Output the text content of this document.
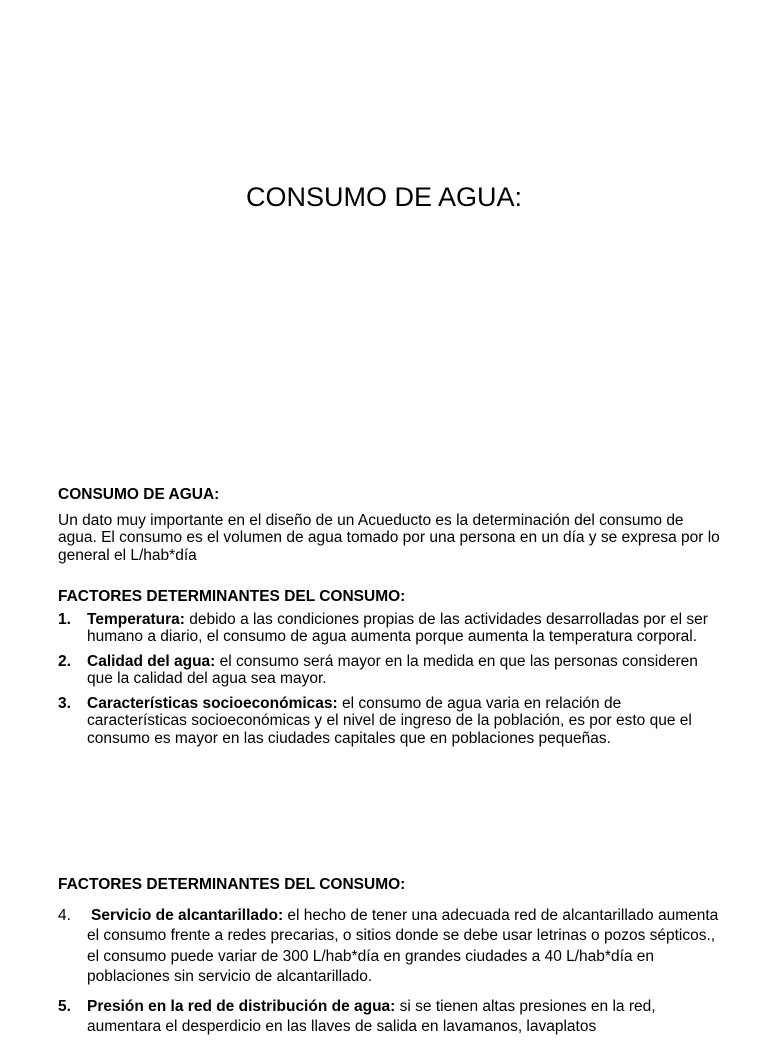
CONSUMO DE AGUA:

CONSUMO DE AGUA:

Un dato muy importante en el diseño de un Acueducto es la determinación del consumo de agua. El consumo es el volumen de agua tomado por una persona en un día y se expresa por lo general el L/hab*día

FACTORES DETERMINANTES DEL CONSUMO:

1. Temperatura: debido a las condiciones propias de las actividades desarrolladas por el ser humano a diario, el consumo de agua aumenta porque aumenta la temperatura corporal.
2. Calidad del agua: el consumo será mayor en la medida en que las personas consideren que la calidad del agua sea mayor.
3. Características socioeconómicas: el consumo de agua varia en relación de características socioeconómicas y el nivel de ingreso de la población, es por esto que el consumo es mayor en las ciudades capitales que en poblaciones pequeñas.

FACTORES DETERMINANTES DEL CONSUMO:

4. Servicio de alcantarillado: el hecho de tener una adecuada red de alcantarillado aumenta el consumo frente a redes precarias, o sitios donde se debe usar letrinas o pozos sépticos., el consumo puede variar de 300 L/hab*día en grandes ciudades a 40 L/hab*día en poblaciones sin servicio de alcantarillado.
5. Presión en la red de distribución de agua: si se tienen altas presiones en la red, aumentara el desperdicio en las llaves de salida en lavamanos, lavaplatos
